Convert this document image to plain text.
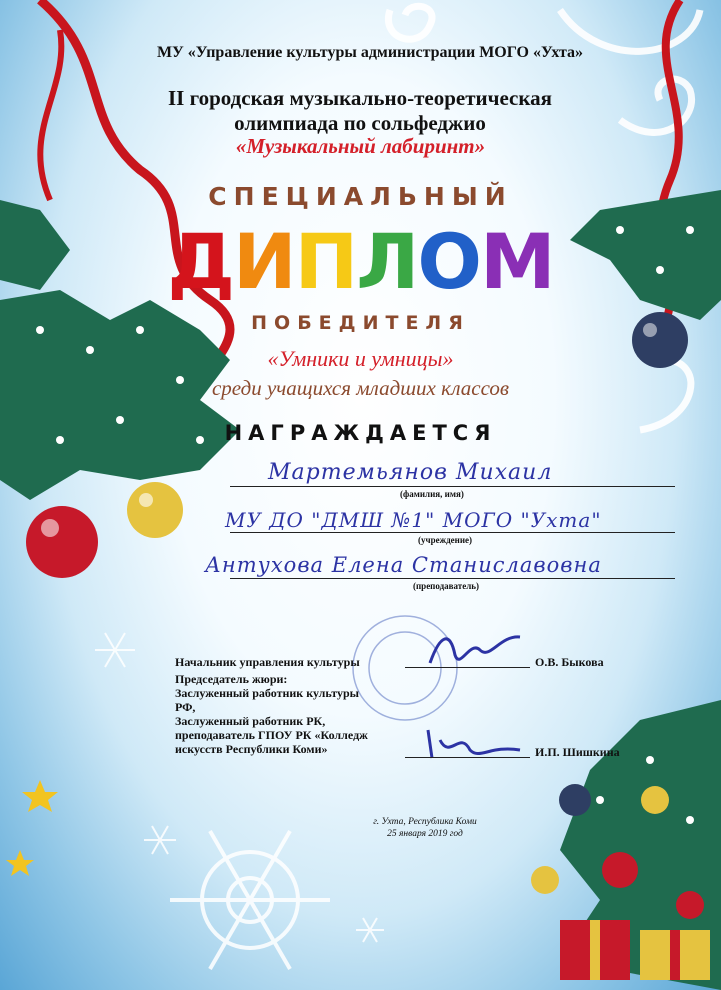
МУ «Управление культуры администрации МОГО «Ухта»
II городская музыкально-теоретическая
олимпиада по сольфеджио
«Музыкальный лабиринт»
СПЕЦИАЛЬНЫЙ
ДИПЛОМ
ПОБЕДИТЕЛЯ
«Умники и умницы»
среди учащихся младших классов
НАГРАЖДАЕТСЯ
Мартемьянов Михаил
(фамилия, имя)
МУ ДО "ДМШ №1" МОГО "Ухта"
(учреждение)
Антухова Елена Станиславовна
(преподаватель)
Начальник управления культуры	О.В. Быкова
Председатель жюри:
Заслуженный работник культуры
РФ,
Заслуженный работник РК,
преподаватель ГПОУ РК «Колледж
искусств Республики Коми»	И.П. Шишкина
г. Ухта, Республика Коми
25 января 2019 год
